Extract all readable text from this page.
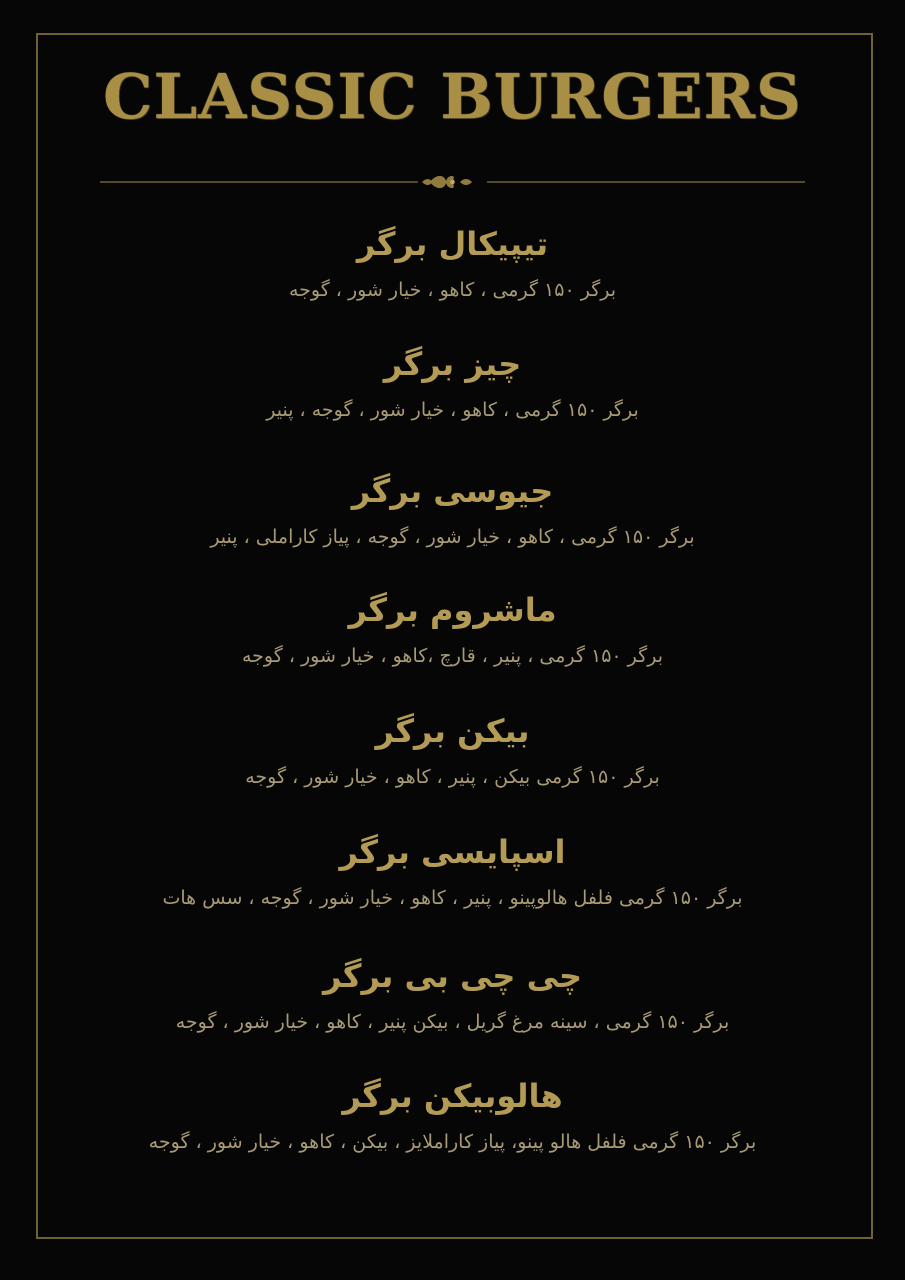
CLASSIC BURGERS
تیپیکال برگر
برگر ۱۵۰ گرمی ، کاهو ، خیار شور ، گوجه
چیز برگر
برگر ۱۵۰ گرمی ، کاهو ، خیار شور ، گوجه ، پنیر
جیوسی برگر
برگر ۱۵۰ گرمی ، کاهو ، خیار شور ، گوجه ، پیاز کاراملی ، پنیر
ماشروم برگر
برگر ۱۵۰ گرمی ، پنیر ، قارچ ،کاهو ، خیار شور ، گوجه
بیکن برگر
برگر ۱۵۰ گرمی بیکن ، پنیر ، کاهو ، خیار شور ، گوجه
اسپایسی برگر
برگر ۱۵۰ گرمی فلفل هالوپینو ، پنیر ، کاهو ، خیار شور ، گوجه ، سس هات
چی چی بی برگر
برگر ۱۵۰ گرمی ، سینه مرغ گریل ، بیکن پنیر ، کاهو ، خیار شور ، گوجه
هالوبیکن برگر
برگر ۱۵۰ گرمی فلفل هالو پینو، پیاز کاراملایز ، بیکن ، کاهو ، خیار شور ، گوجه
